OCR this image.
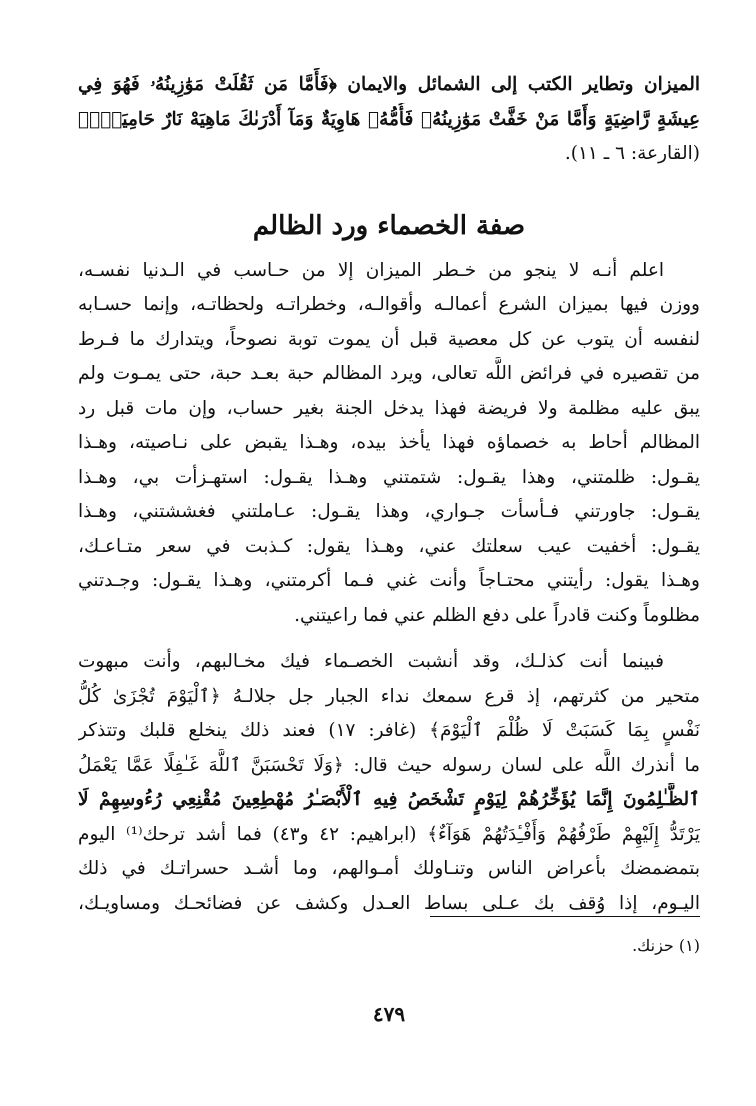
الميزان وتطاير الكتب إلى الشمائل والايمان ﴿فَأَمَّا مَن ثَقُلَتْ مَوَٰزِينُهُۥ فَهُوَ فِي
عِيشَةٍ رَّاضِيَةٍ وَأَمَّا مَنْ خَفَّتْ مَوَٰزِينُهُۥ فَأُمُّهُۥ هَاوِيَةٌ وَمَآ أَدْرَىٰكَ مَاهِيَهْ نَارٌ حَامِيَةٌۢ﴾
(القارعة: ٦ ـ ١١).
صفة الخصماء ورد الظالم
اعلم أنـه لا ينجو من خـطر الميزان إلا من حـاسب في الـدنيا نفسـه،
ووزن فيها بميزان الشرع أعمالـه وأقوالـه، وخطراتـه ولحظاتـه، وإنما حسـابه
لنفسه أن يتوب عن كل معصية قبل أن يموت توبة نصوحاً، ويتدارك ما فـرط
من تقصيره في فرائض اللَّه تعالى، ويرد المظالم حبة بعـد حبة، حتى يمـوت ولم
يبق عليه مظلمة ولا فريضة فهذا يدخل الجنة بغير حساب، وإن مات قبل رد
المظالم أحاط به خصماؤه فهذا يأخذ بيده، وهـذا يقبض على نـاصيته، وهـذا
يقـول: ظلمتني، وهذا يقـول: شتمتني وهـذا يقـول: استهـزأت بي، وهـذا
يقـول: جاورتني فـأسأت جـواري، وهذا يقـول: عـاملتني فغششتني، وهـذا
يقـول: أخفيت عيب سعلتك عني، وهـذا يقول: كـذبت في سعر متـاعـك،
وهـذا يقول: رأيتني محتـاجاً وأنت غني فـما أكرمتني، وهـذا يقـول: وجـدتني
مظلوماً وكنت قادراً على دفع الظلم عني فما راعيتني.
فبينما أنت كذلـك، وقد أنشبت الخصـماء فيك مخـالبهم، وأنت مبهوت
متحير من كثرتهم، إذ قرع سمعك نداء الجبار جل جلالـهُ ﴿ٱلْيَوْمَ تُجْزَىٰ كُلُّ
نَفْسٍ بِمَا كَسَبَتْ لَا ظُلْمَ ٱلْيَوْمَ﴾ (غافر: ١٧) فعند ذلك ينخلع قلبك وتتذكر
ما أنذرك اللَّه على لسان رسوله حيث قال: ﴿وَلَا تَحْسَبَنَّ ٱللَّهَ غَـٰفِلًا عَمَّا يَعْمَلُ
ٱلظَّـٰلِمُونَ إِنَّمَا يُؤَخِّرُهُمْ لِيَوْمٍ تَشْخَصُ فِيهِ ٱلْأَبْصَـٰرُ مُهْطِعِينَ مُقْنِعِي رُءُوسِهِمْ لَا
يَرْتَدُّ إِلَيْهِمْ طَرْفُهُمْ وَأَفْـِٔدَتُهُمْ هَوَآءٌ﴾ (ابراهيم: ٤٢ و٤٣) فما أشد ترحك⁽¹⁾ اليوم
بتمضمضك بأعراض الناس وتنـاولك أمـوالهم، وما أشـد حسراتـك في ذلك
اليـوم، إذا وُقف بك عـلى بساط العـدل وكشف عن فضائحـك ومساويـك،
(١) حزنك.
٤٧٩
